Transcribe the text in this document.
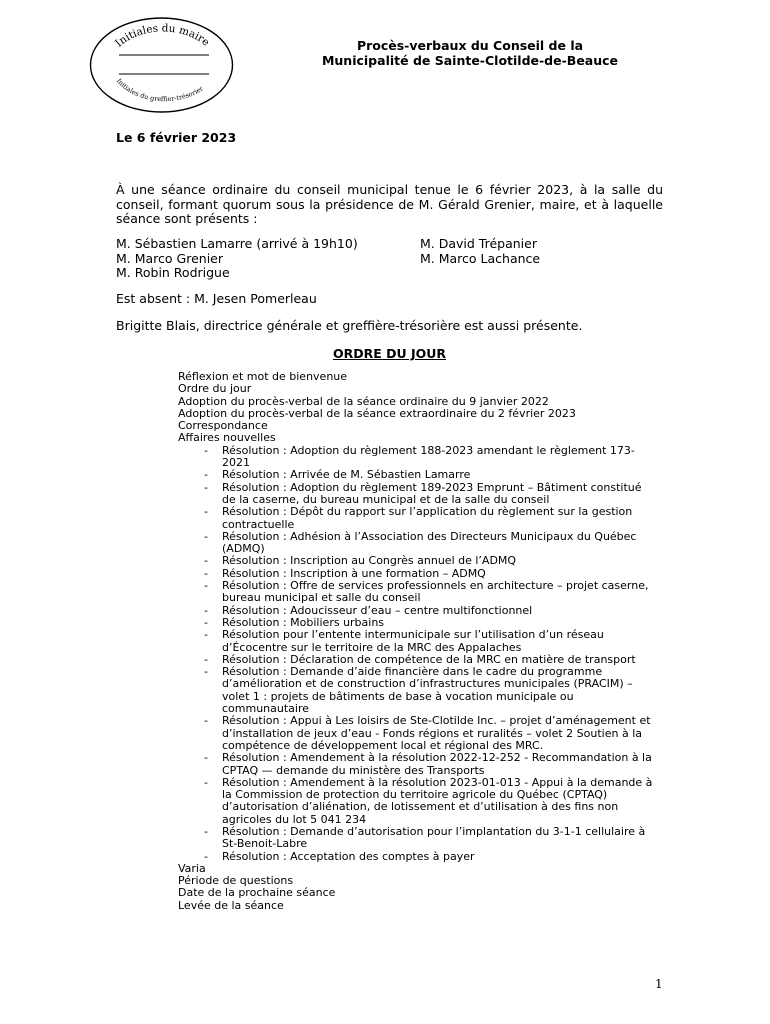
Initiales du maire
Initiales du greffier-trésorier
Procès-verbaux du Conseil de la
Municipalité de Sainte-Clotilde-de-Beauce
Le 6 février 2023
À une séance ordinaire du conseil municipal tenue le 6 février 2023, à la salle du conseil, formant quorum sous la présidence de M. Gérald Grenier, maire, et à laquelle séance sont présents :
M. Sébastien Lamarre (arrivé à 19h10)
M. Marco Grenier
M. Robin Rodrigue
M. David Trépanier
M. Marco Lachance
Est absent : M. Jesen Pomerleau
Brigitte Blais, directrice générale et greffière-trésorière est aussi présente.
ORDRE DU JOUR
Réflexion et mot de bienvenue
Ordre du jour
Adoption du procès-verbal de la séance ordinaire du 9 janvier 2022
Adoption du procès-verbal de la séance extraordinaire du 2 février 2023
Correspondance
Affaires nouvelles
- Résolution : Adoption du règlement 188-2023 amendant le règlement 173-
2021
- Résolution : Arrivée de M. Sébastien Lamarre
- Résolution : Adoption du règlement 189-2023 Emprunt – Bâtiment constitué
de la caserne, du bureau municipal et de la salle du conseil
- Résolution : Dépôt du rapport sur l’application du règlement sur la gestion
contractuelle
- Résolution : Adhésion à l’Association des Directeurs Municipaux du Québec
(ADMQ)
- Résolution : Inscription au Congrès annuel de l’ADMQ
- Résolution : Inscription à une formation – ADMQ
- Résolution : Offre de services professionnels en architecture – projet caserne,
bureau municipal et salle du conseil
- Résolution : Adoucisseur d’eau – centre multifonctionnel
- Résolution : Mobiliers urbains
- Résolution pour l’entente intermunicipale sur l’utilisation d’un réseau
d’Écocentre sur le territoire de la MRC des Appalaches
- Résolution : Déclaration de compétence de la MRC en matière de transport
- Résolution : Demande d’aide financière dans le cadre du programme
d’amélioration et de construction d’infrastructures municipales (PRACIM) –
volet 1 : projets de bâtiments de base à vocation municipale ou
communautaire
- Résolution : Appui à Les loisirs de Ste-Clotilde Inc. – projet d’aménagement et
d’installation de jeux d’eau - Fonds régions et ruralités – volet 2 Soutien à la
compétence de développement local et régional des MRC.
- Résolution : Amendement à la résolution 2022-12-252 - Recommandation à la
CPTAQ — demande du ministère des Transports
- Résolution : Amendement à la résolution 2023-01-013 - Appui à la demande à
la Commission de protection du territoire agricole du Québec (CPTAQ)
d’autorisation d’aliénation, de lotissement et d’utilisation à des fins non
agricoles du lot 5 041 234
- Résolution : Demande d’autorisation pour l’implantation du 3-1-1 cellulaire à
St-Benoit-Labre
- Résolution : Acceptation des comptes à payer
Varia
Période de questions
Date de la prochaine séance
Levée de la séance
1
